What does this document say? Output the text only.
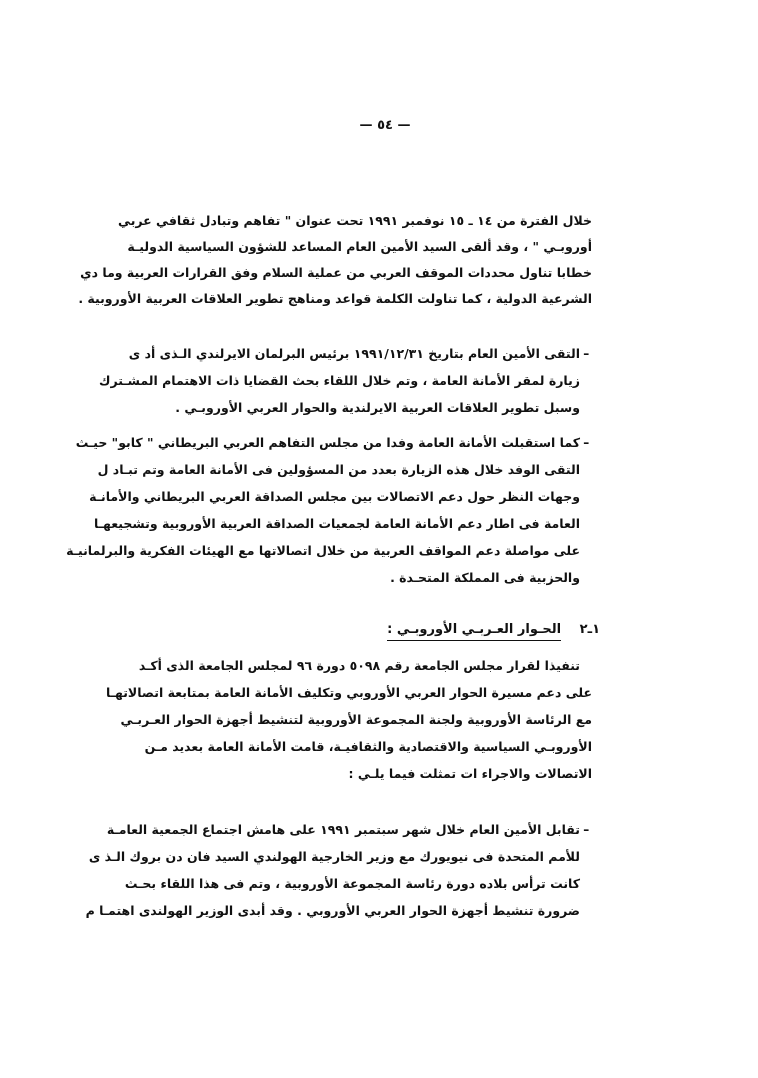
— ٥٤ —
خلال الفترة من ١٤ ـ ١٥ نوفمبر ١٩٩١ تحت عنوان " تفاهم وتبادل ثقافي عربي
أوروبـي " ، وقد ألقى السيد الأمين العام المساعد للشؤون السياسية الدوليـة
خطابا تناول محددات الموقف العربي من عملية السلام وفق القرارات العربية وما دي
الشرعية الدولية ، كما تناولت الكلمة قواعد ومناهج تطوير العلاقات العربية الأوروبية .
ـ
التقى الأمين العام بتاريخ ١٩٩١/١٢/٣١ برئيس البرلمان الايرلندي الـذى أد ى
زيارة لمقر الأمانة العامة ، وتم خلال اللقاء بحث القضايا ذات الاهتمام المشـترك
وسبل تطوير العلاقات العربية الايرلندية والحوار العربي الأوروبـي .
ـ
كما استقبلت الأمانة العامة وفدا من مجلس التفاهم العربي البريطاني " كابو" حيـث
التقى الوفد خلال هذه الزيارة بعدد من المسؤولين فى الأمانة العامة وتم تبـاد ل
وجهات النظر حول دعم الاتصالات بين مجلس الصداقة العربي البريطاني والأمانـة
العامة فى اطار دعم الأمانة العامة لجمعيات الصداقة العربية الأوروبية وتشجيعهـا
على مواصلة دعم المواقف العربية من خلال اتصالاتها مع الهيئات الفكرية والبرلمانيـة
والحزبية فى المملكة المتحـدة .
١ـ٢ الحـوار العـربـي الأوروبـي :
تنفيذا لقرار مجلس الجامعة رقم ٥٠٩٨ دورة ٩٦ لمجلس الجامعة الذى أكـد
على دعم مسيرة الحوار العربي الأوروبي وتكليف الأمانة العامة بمتابعة اتصالاتهـا
مع الرئاسة الأوروبية ولجنة المجموعة الأوروبية لتنشيط أجهزة الحوار العـربـي
الأوروبـي السياسية والاقتصادية والثقافيـة، قامت الأمانة العامة بعديد مـن
الاتصالات والاجراء ات تمثلت فيما يلـي :
ـ
تقابل الأمين العام خلال شهر سبتمبر ١٩٩١ على هامش اجتماع الجمعية العامـة
للأمم المتحدة فى نيويورك مع وزير الخارجية الهولندي السيد فان دن بروك الـذ ى
كانت ترأس بلاده دورة رئاسة المجموعة الأوروبية ، وتم فى هذا اللقاء بحـث
ضرورة تنشيط أجهزة الحوار العربي الأوروبي . وقد أبدى الوزير الهولندى اهتمـا م
